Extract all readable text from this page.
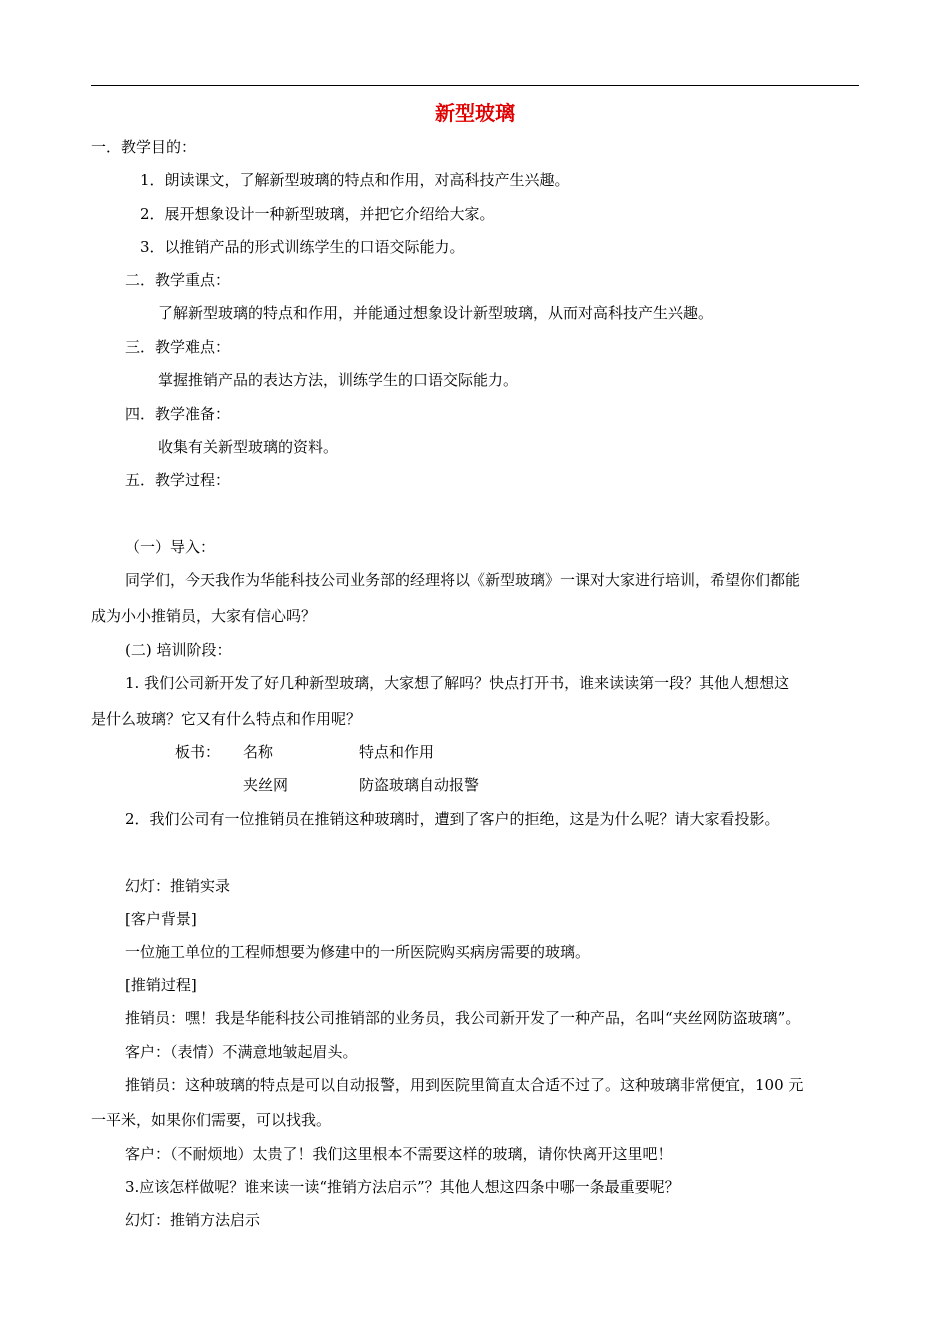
新型玻璃
一．教学目的：
1．朗读课文，了解新型玻璃的特点和作用，对高科技产生兴趣。
2．展开想象设计一种新型玻璃，并把它介绍给大家。
3．以推销产品的形式训练学生的口语交际能力。
二．教学重点：
了解新型玻璃的特点和作用，并能通过想象设计新型玻璃，从而对高科技产生兴趣。
三．教学难点：
掌握推销产品的表达方法，训练学生的口语交际能力。
四．教学准备：
收集有关新型玻璃的资料。
五．教学过程：
（一）导入：
同学们，今天我作为华能科技公司业务部的经理将以《新型玻璃》一课对大家进行培训，希望你们都能
成为小小推销员，大家有信心吗？
(二) 培训阶段：
1. 我们公司新开发了好几种新型玻璃，大家想了解吗？快点打开书，谁来读读第一段？其他人想想这
是什么玻璃？它又有什么特点和作用呢？
板书： 名称	特点和作用
夹丝网	防盗玻璃自动报警
2．我们公司有一位推销员在推销这种玻璃时，遭到了客户的拒绝，这是为什么呢？请大家看投影。
幻灯：推销实录
[客户背景]
一位施工单位的工程师想要为修建中的一所医院购买病房需要的玻璃。
[推销过程]
推销员：嘿！我是华能科技公司推销部的业务员，我公司新开发了一种产品，名叫“夹丝网防盗玻璃”。
客户：（表情）不满意地皱起眉头。
推销员：这种玻璃的特点是可以自动报警，用到医院里简直太合适不过了。这种玻璃非常便宜，100 元
一平米，如果你们需要，可以找我。
客户：（不耐烦地）太贵了！我们这里根本不需要这样的玻璃，请你快离开这里吧！
3.应该怎样做呢？谁来读一读“推销方法启示”？其他人想这四条中哪一条最重要呢？
幻灯：推销方法启示
